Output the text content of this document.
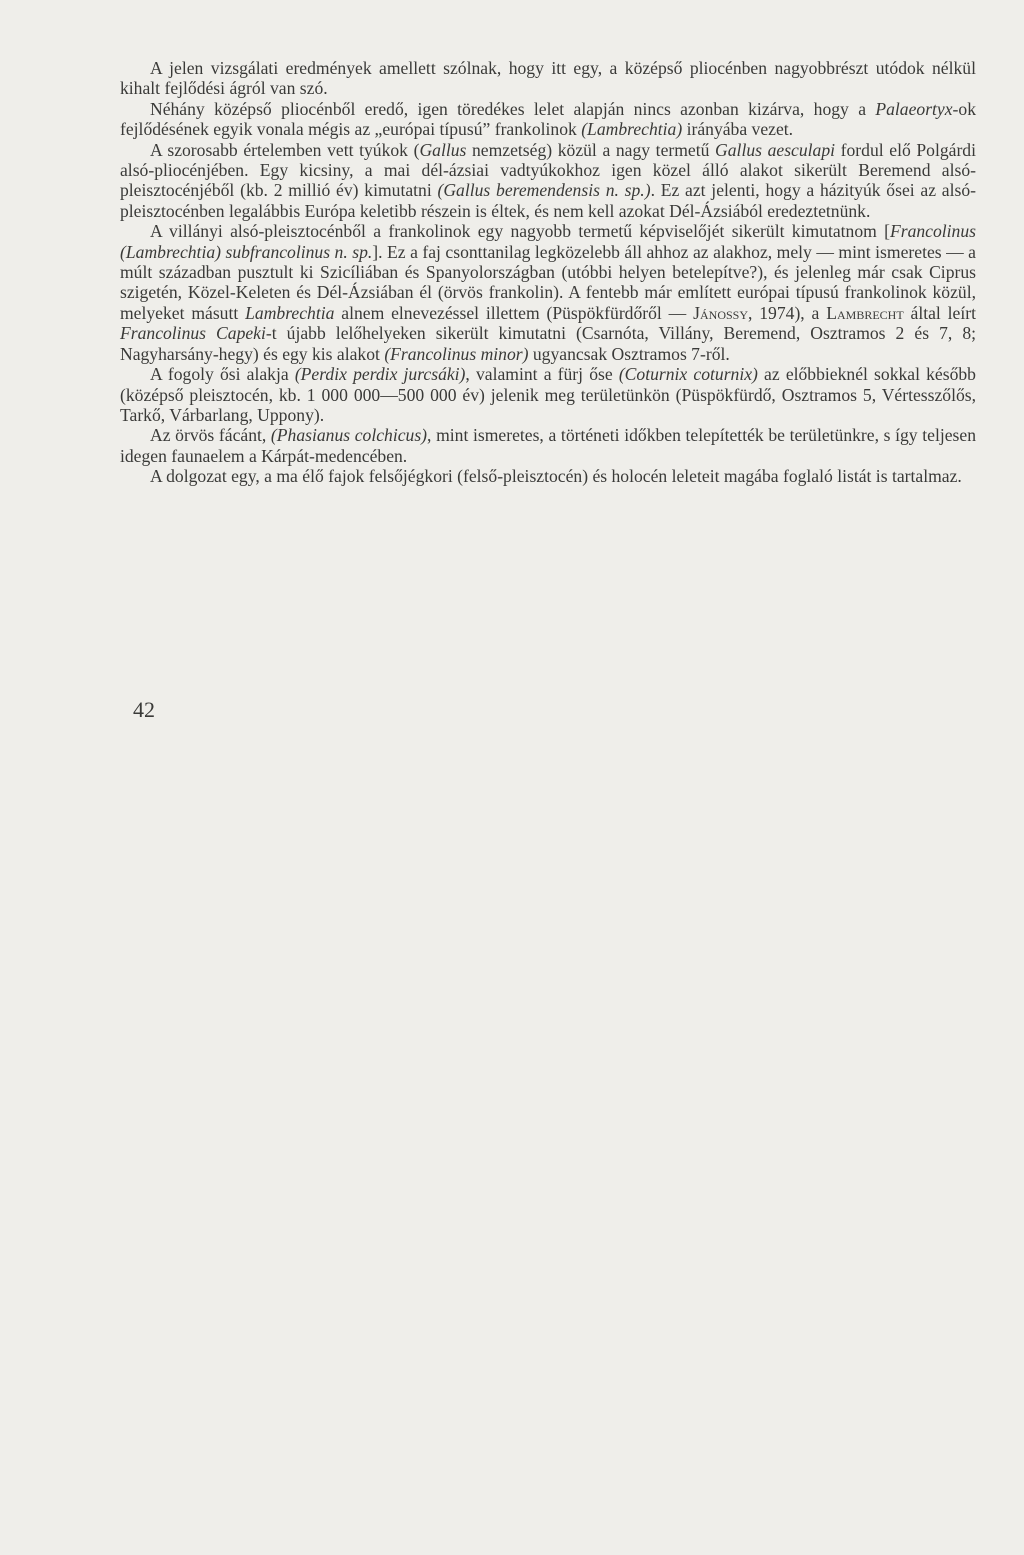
A jelen vizsgálati eredmények amellett szólnak, hogy itt egy, a középső pliocénben nagyobbrészt utódok nélkül kihalt fejlődési ágról van szó.

Néhány középső pliocénből eredő, igen töredékes lelet alapján nincs azonban kizárva, hogy a Palaeortyx-ok fejlődésének egyik vonala mégis az „európai típusú” frankolinok (Lambrechtia) irányába vezet.

A szorosabb értelemben vett tyúkok (Gallus nemzetség) közül a nagy termetű Gallus aesculapi fordul elő Polgárdi alsó-pliocénjében. Egy kicsiny, a mai dél-ázsiai vadtyúkokhoz igen közel álló alakot sikerült Beremend alsó-pleisztocénjéből (kb. 2 millió év) kimutatni (Gallus beremendensis n. sp.). Ez azt jelenti, hogy a házityúk ősei az alsó-pleisztocénben legalábbis Európa keletibb részein is éltek, és nem kell azokat Dél-Ázsiából eredeztetnünk.

A villányi alsó-pleisztocénből a frankolinok egy nagyobb termetű képviselőjét sikerült kimutatnom [Francolinus (Lambrechtia) subfrancolinus n. sp.]. Ez a faj csonttanilag legközelebb áll ahhoz az alakhoz, mely — mint ismeretes — a múlt században pusztult ki Szicíliában és Spanyolországban (utóbbi helyen betelepítve?), és jelenleg már csak Ciprus szigetén, Közel-Keleten és Dél-Ázsiában él (örvös frankolin). A fentebb már említett európai típusú frankolinok közül, melyeket másutt Lambrechtia alnem elnevezéssel illettem (Püspökfürdőről — Jánossy, 1974), a Lambrecht által leírt Francolinus Capeki-t újabb lelőhelyeken sikerült kimutatni (Csarnóta, Villány, Beremend, Osztramos 2 és 7, 8; Nagyharsány-hegy) és egy kis alakot (Francolinus minor) ugyancsak Osztramos 7-ről.

A fogoly ősi alakja (Perdix perdix jurcsáki), valamint a fürj őse (Coturnix coturnix) az előbbieknél sokkal később (középső pleisztocén, kb. 1 000 000—500 000 év) jelenik meg területünkön (Püspökfürdő, Osztramos 5, Vértesszőlős, Tarkő, Várbarlang, Uppony).

Az örvös fácánt, (Phasianus colchicus), mint ismeretes, a történeti időkben telepítették be területünkre, s így teljesen idegen faunaelem a Kárpát-medencében.

A dolgozat egy, a ma élő fajok felsőjégkori (felső-pleisztocén) és holocén leleteit magába foglaló listát is tartalmaz.

42
